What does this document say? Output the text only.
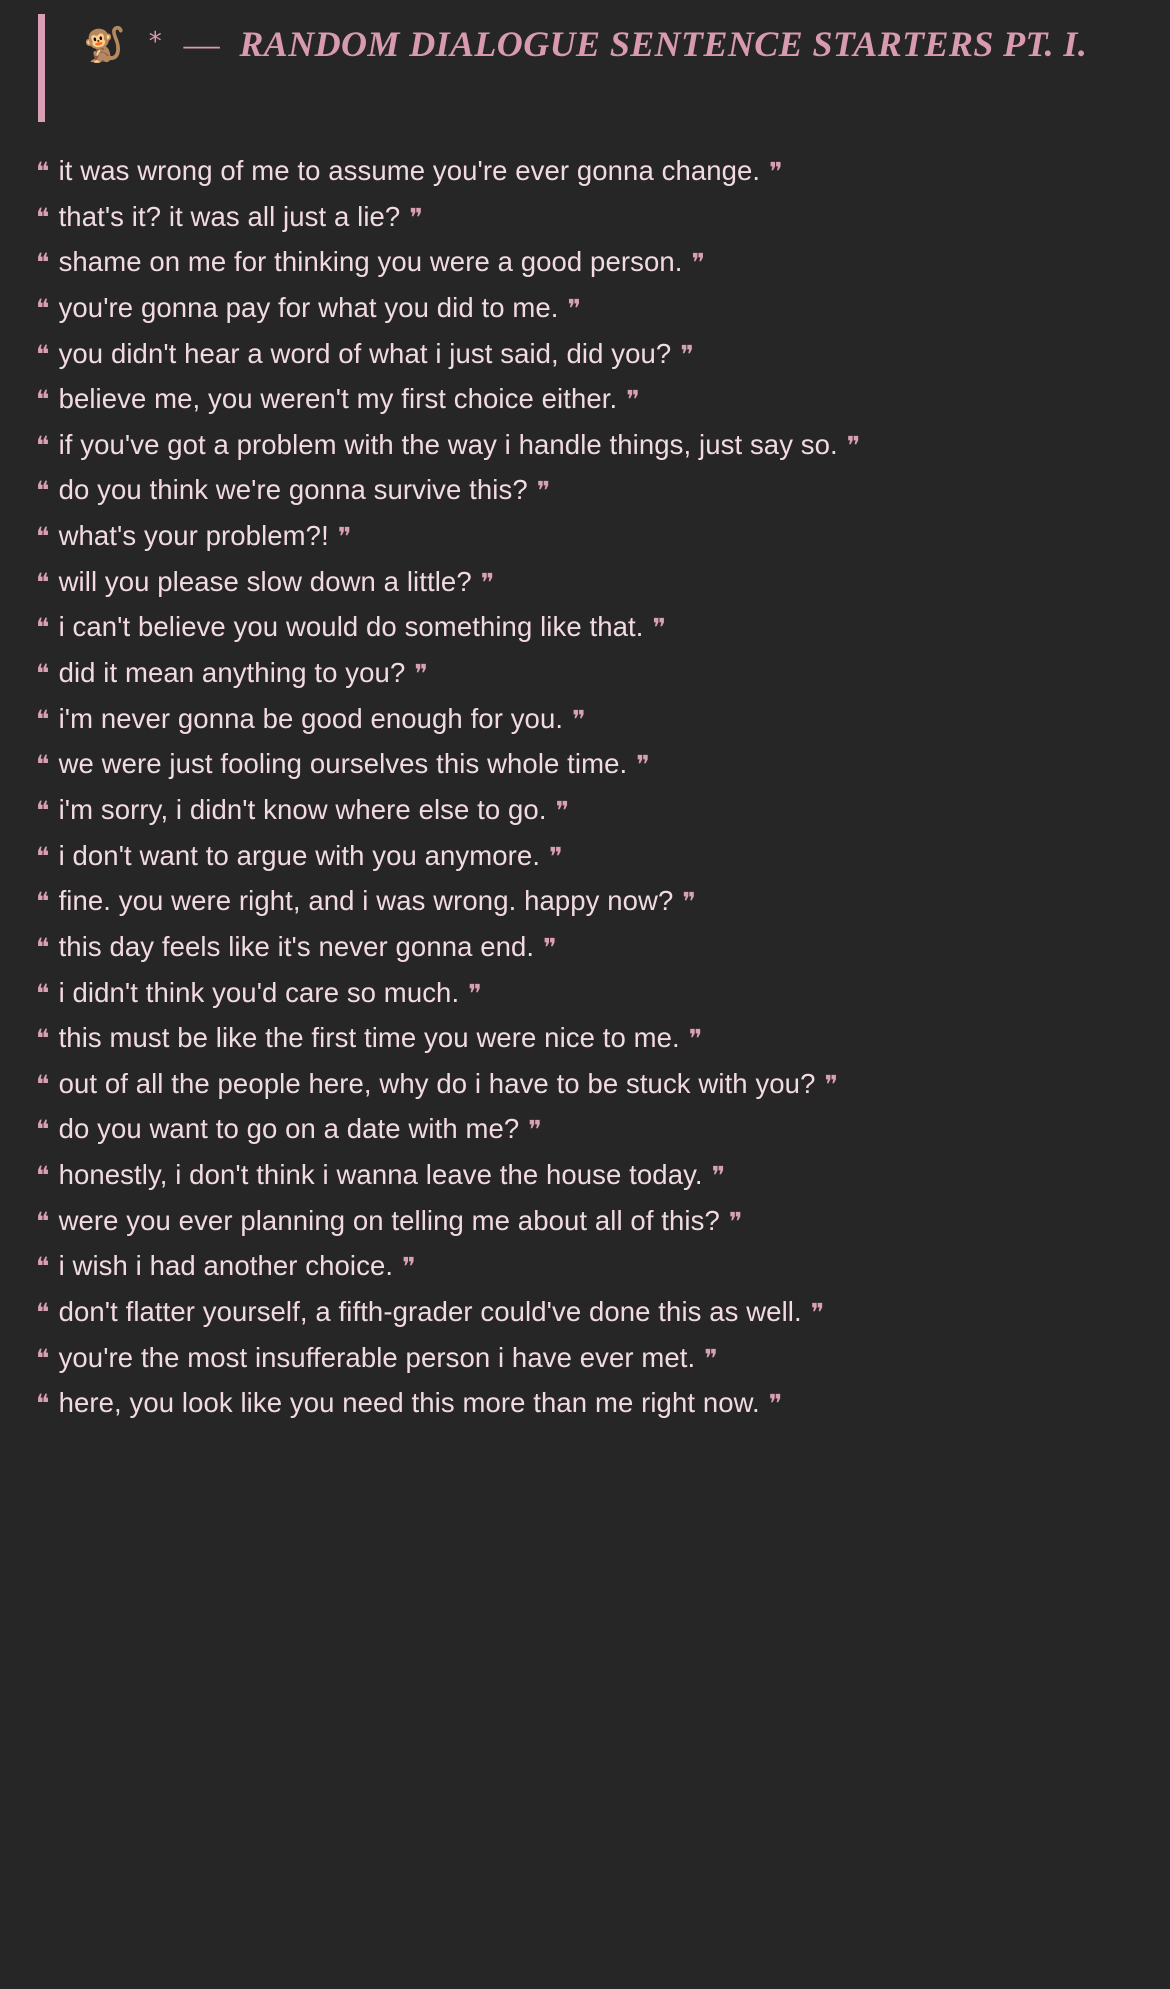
🐒 * — RANDOM DIALOGUE SENTENCE STARTERS PT. I.

❝ it was wrong of me to assume you're ever gonna change. ❞

❝ that's it? it was all just a lie? ❞

❝ shame on me for thinking you were a good person. ❞

❝ you're gonna pay for what you did to me. ❞

❝ you didn't hear a word of what i just said, did you? ❞

❝ believe me, you weren't my first choice either. ❞

❝ if you've got a problem with the way i handle things, just say so. ❞

❝ do you think we're gonna survive this? ❞

❝ what's your problem?! ❞

❝ will you please slow down a little? ❞

❝ i can't believe you would do something like that. ❞

❝ did it mean anything to you? ❞

❝ i'm never gonna be good enough for you. ❞

❝ we were just fooling ourselves this whole time. ❞

❝ i'm sorry, i didn't know where else to go. ❞

❝ i don't want to argue with you anymore. ❞

❝ fine. you were right, and i was wrong. happy now? ❞

❝ this day feels like it's never gonna end. ❞

❝ i didn't think you'd care so much. ❞

❝ this must be like the first time you were nice to me. ❞

❝ out of all the people here, why do i have to be stuck with you? ❞

❝ do you want to go on a date with me? ❞

❝ honestly, i don't think i wanna leave the house today. ❞

❝ were you ever planning on telling me about all of this? ❞

❝ i wish i had another choice. ❞

❝ don't flatter yourself, a fifth-grader could've done this as well. ❞

❝ you're the most insufferable person i have ever met. ❞

❝ here, you look like you need this more than me right now. ❞
